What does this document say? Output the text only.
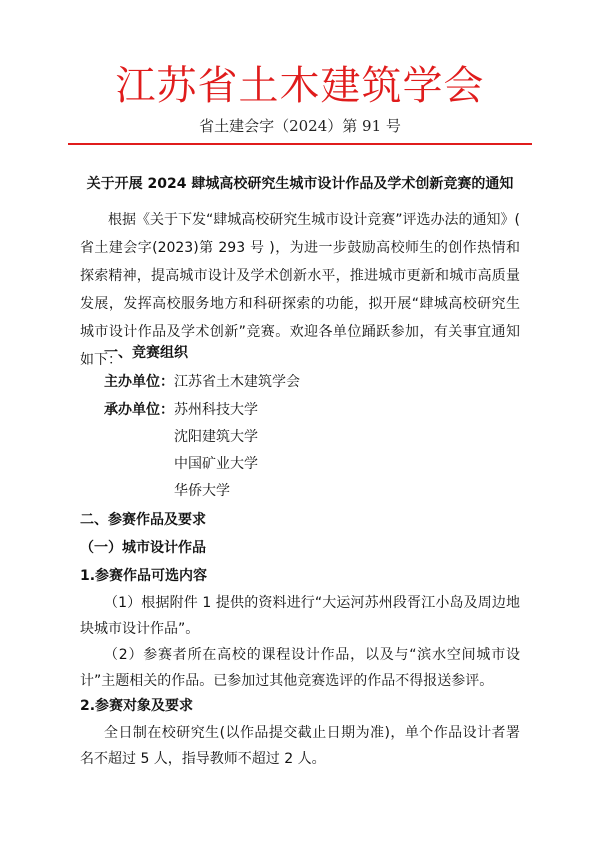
江苏省土木建筑学会
省土建会字（2024）第 91 号
关于开展 2024 肆城高校研究生城市设计作品及学术创新竞赛的通知
根据《关于下发“肆城高校研究生城市设计竞赛”评选办法的通知》( 省土建会字(2023)第 293 号 )，为进一步鼓励高校师生的创作热情和探索精神，提高城市设计及学术创新水平，推进城市更新和城市高质量发展，发挥高校服务地方和科研探索的功能，拟开展“肆城高校研究生城市设计作品及学术创新”竞赛。欢迎各单位踊跃参加，有关事宜通知如下：
一、竞赛组织
主办单位：江苏省土木建筑学会
承办单位：苏州科技大学
沈阳建筑大学
中国矿业大学
华侨大学
二、参赛作品及要求
（一）城市设计作品
1.参赛作品可选内容
（1）根据附件 1 提供的资料进行“大运河苏州段胥江小岛及周边地块城市设计作品”。
（2）参赛者所在高校的课程设计作品，以及与“滨水空间城市设计”主题相关的作品。已参加过其他竞赛选评的作品不得报送参评。
2.参赛对象及要求
全日制在校研究生(以作品提交截止日期为准)，单个作品设计者署名不超过 5 人，指导教师不超过 2 人。
